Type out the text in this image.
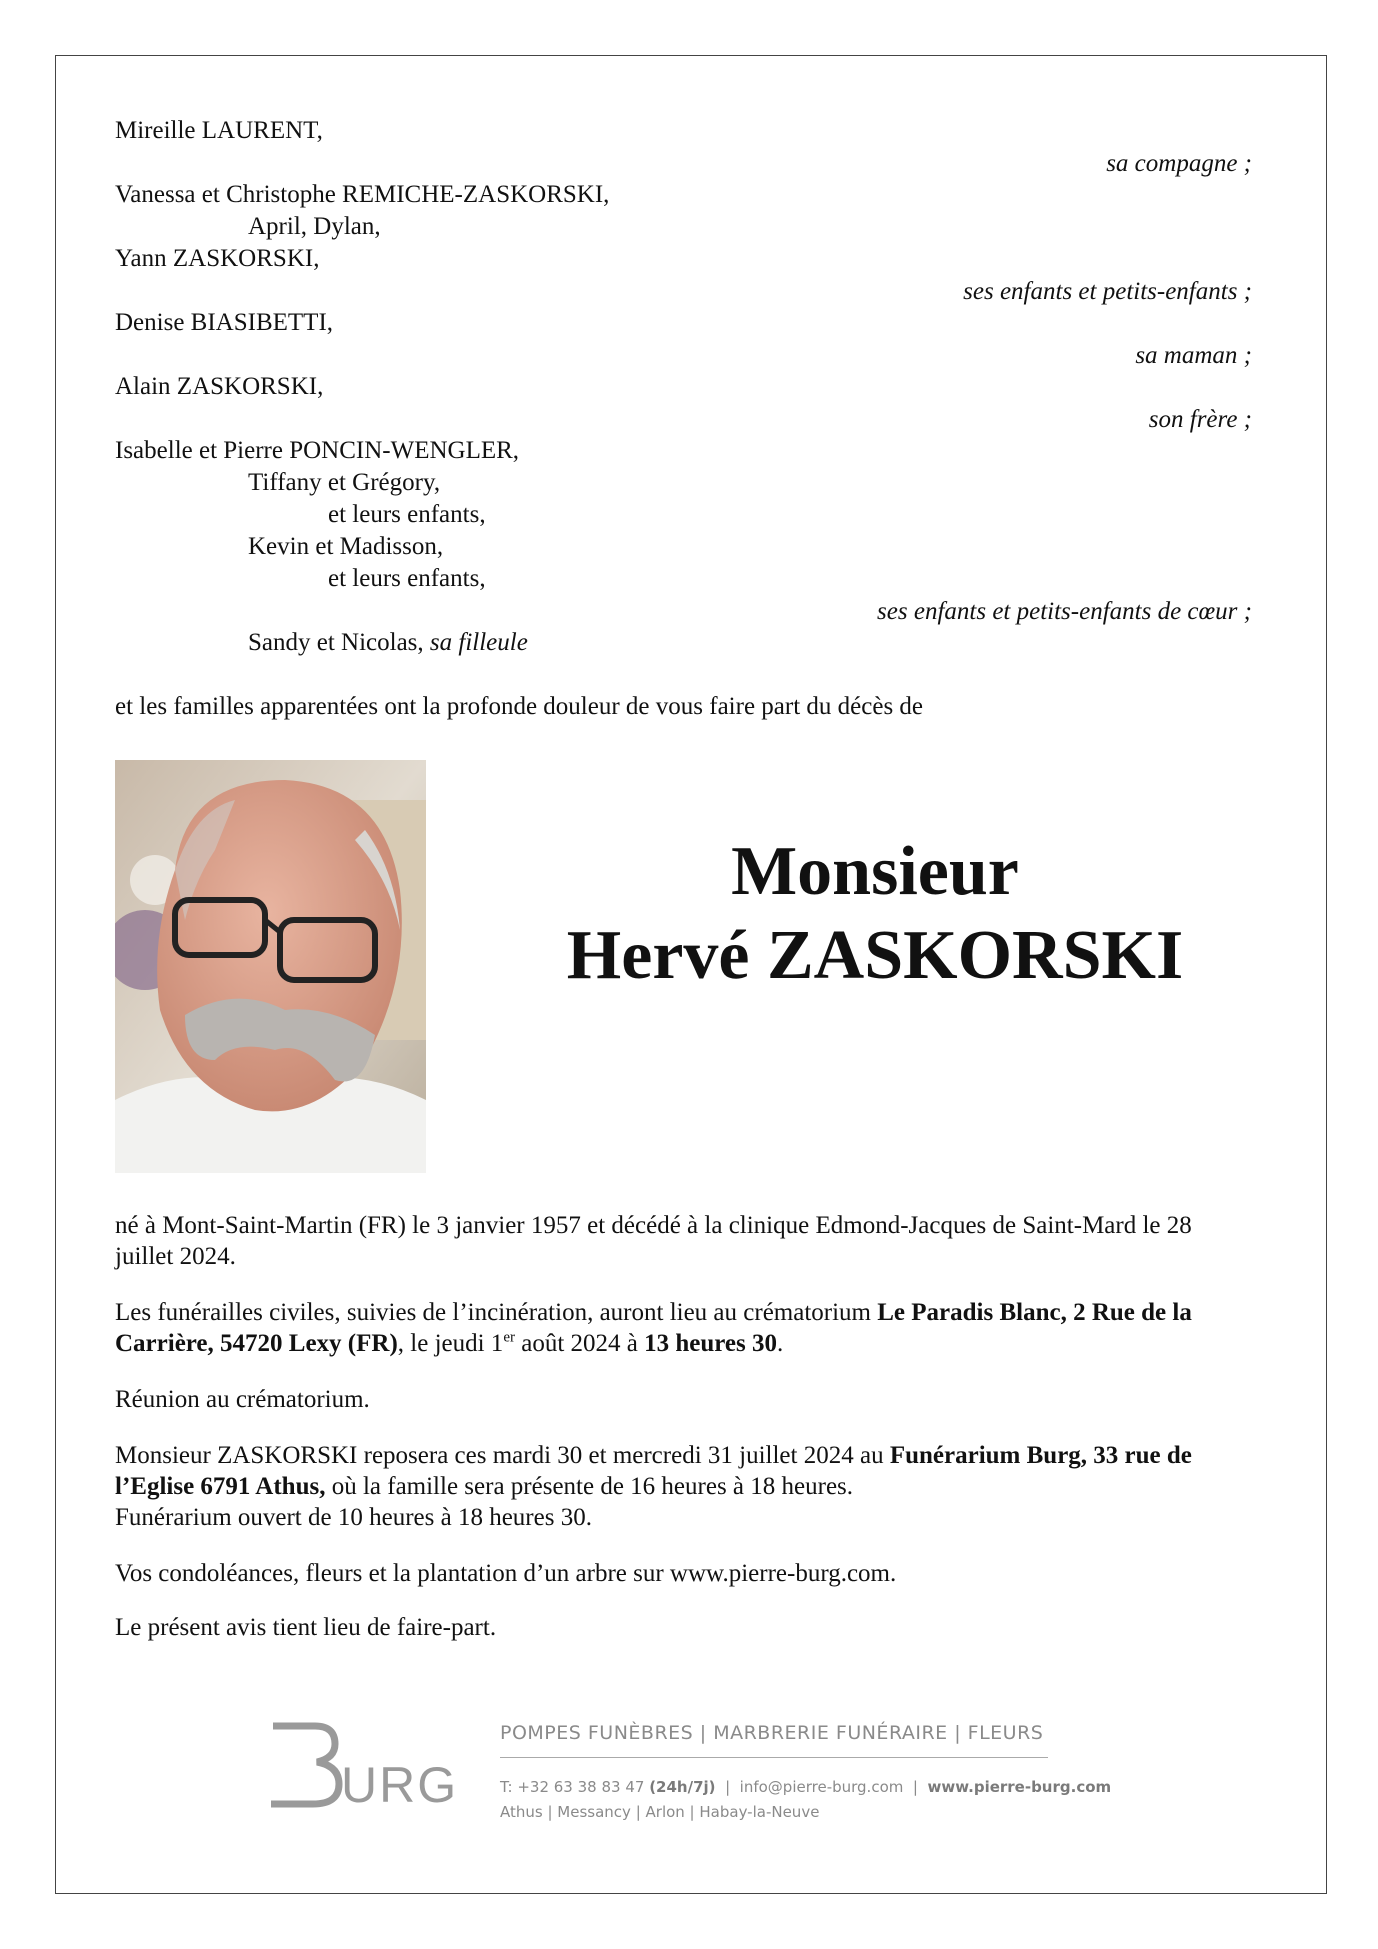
Mireille LAURENT,
sa compagne ;
Vanessa et Christophe REMICHE-ZASKORSKI,
April, Dylan,
Yann ZASKORSKI,
ses enfants et petits-enfants ;
Denise BIASIBETTI,
sa maman ;
Alain ZASKORSKI,
son frère ;
Isabelle et Pierre PONCIN-WENGLER,
Tiffany et Grégory,
et leurs enfants,
Kevin et Madisson,
et leurs enfants,
ses enfants et petits-enfants de cœur ;
Sandy et Nicolas, sa filleule
et les familles apparentées ont la profonde douleur de vous faire part du décès de
Monsieur
Hervé ZASKORSKI
né à Mont-Saint-Martin (FR) le 3 janvier 1957 et décédé à la clinique Edmond-Jacques de Saint-Mard le 28 juillet 2024.
Les funérailles civiles, suivies de l’incinération, auront lieu au crématorium Le Paradis Blanc, 2 Rue de la Carrière, 54720 Lexy (FR), le jeudi 1er août 2024 à 13 heures 30.
Réunion au crématorium.
Monsieur ZASKORSKI reposera ces mardi 30 et mercredi 31 juillet 2024 au Funérarium Burg, 33 rue de l’Eglise 6791 Athus, où la famille sera présente de 16 heures à 18 heures.
Funérarium ouvert de 10 heures à 18 heures 30.
Vos condoléances, fleurs et la plantation d’un arbre sur www.pierre-burg.com.
Le présent avis tient lieu de faire-part.
URG
POMPES FUNÈBRES | MARBRERIE FUNÉRAIRE | FLEURS
T: +32 63 38 83 47 (24h/7j)  |  info@pierre-burg.com  |  www.pierre-burg.com
Athus | Messancy | Arlon | Habay-la-Neuve
